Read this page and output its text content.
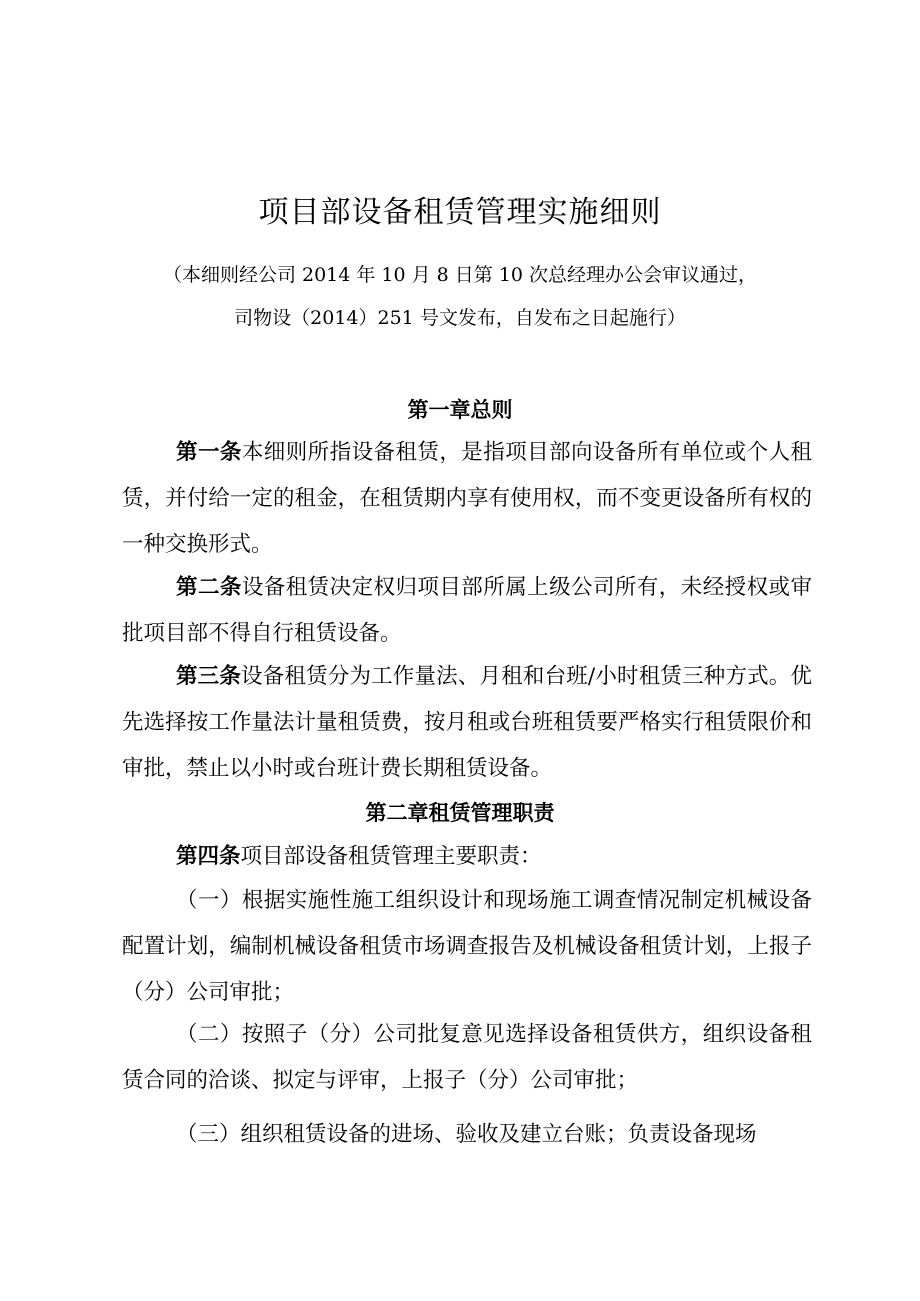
项目部设备租赁管理实施细则
（本细则经公司 2014 年 10 月 8 日第 10 次总经理办公会审议通过，
司物设（2014）251 号文发布，自发布之日起施行）
第一章总则

第一条本细则所指设备租赁，是指项目部向设备所有单位或个人租赁，并付给一定的租金，在租赁期内享有使用权，而不变更设备所有权的一种交换形式。

第二条设备租赁决定权归项目部所属上级公司所有，未经授权或审批项目部不得自行租赁设备。

第三条设备租赁分为工作量法、月租和台班/小时租赁三种方式。优先选择按工作量法计量租赁费，按月租或台班租赁要严格实行租赁限价和审批，禁止以小时或台班计费长期租赁设备。

第二章租赁管理职责

第四条项目部设备租赁管理主要职责：

（一）根据实施性施工组织设计和现场施工调查情况制定机械设备配置计划，编制机械设备租赁市场调查报告及机械设备租赁计划，上报子（分）公司审批；

（二）按照子（分）公司批复意见选择设备租赁供方，组织设备租赁合同的洽谈、拟定与评审，上报子（分）公司审批；

（三）组织租赁设备的进场、验收及建立台账；负责设备现场
